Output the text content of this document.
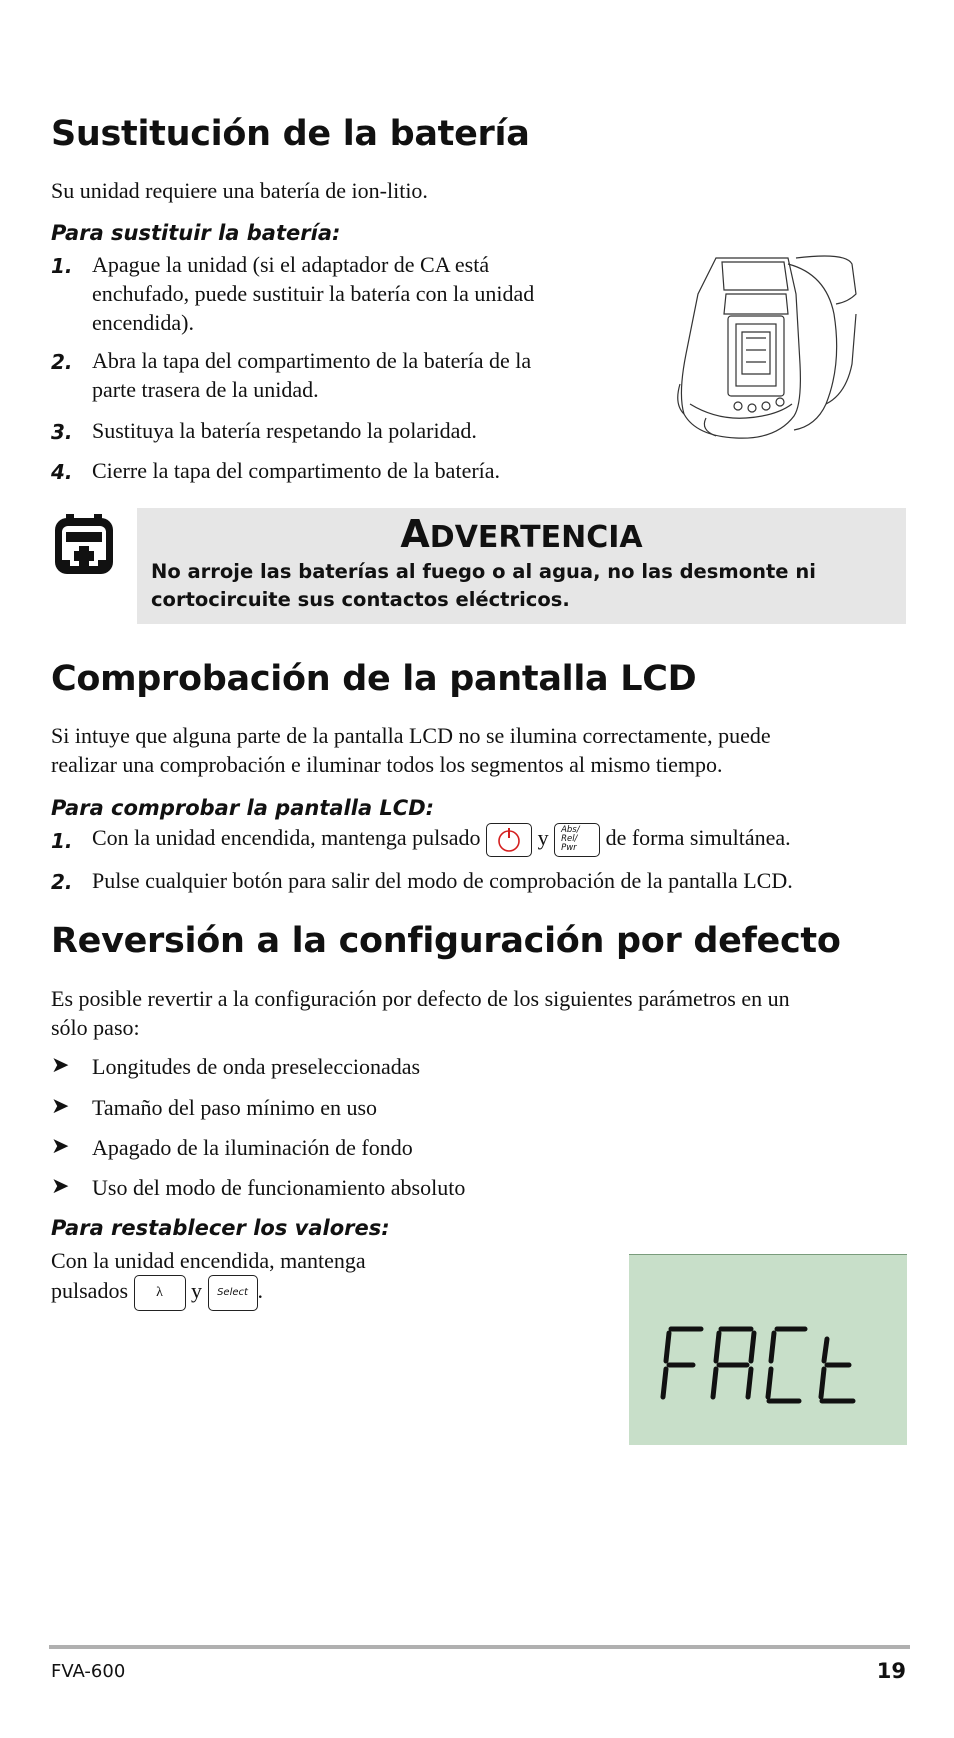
Sustitución de la batería
Su unidad requiere una batería de ion-litio.
Para sustituir la batería:
1. Apague la unidad (si el adaptador de CA está
enchufado, puede sustituir la batería con la unidad
encendida).
2. Abra la tapa del compartimento de la batería de la
parte trasera de la unidad.
3. Sustituya la batería respetando la polaridad.
4. Cierre la tapa del compartimento de la batería.
ADVERTENCIA
No arroje las baterías al fuego o al agua, no las desmonte ni
cortocircuite sus contactos eléctricos.
Comprobación de la pantalla LCD
Si intuye que alguna parte de la pantalla LCD no se ilumina correctamente, puede
realizar una comprobación e iluminar todos los segmentos al mismo tiempo.
Para comprobar la pantalla LCD:
1. Con la unidad encendida, mantenga pulsado	y Abs/
Rel/
Pwr	de forma simultánea.
2. Pulse cualquier botón para salir del modo de comprobación de la pantalla LCD.
Reversión a la configuración por defecto
Es posible revertir a la configuración por defecto de los siguientes parámetros en un
sólo paso:
➤ Longitudes de onda preseleccionadas
➤ Tamaño del paso mínimo en uso
➤ Apagado de la iluminación de fondo
➤ Uso del modo de funcionamiento absoluto
Para restablecer los valores:
Con la unidad encendida, mantenga
pulsados λ y Select .
FVA-600	19
